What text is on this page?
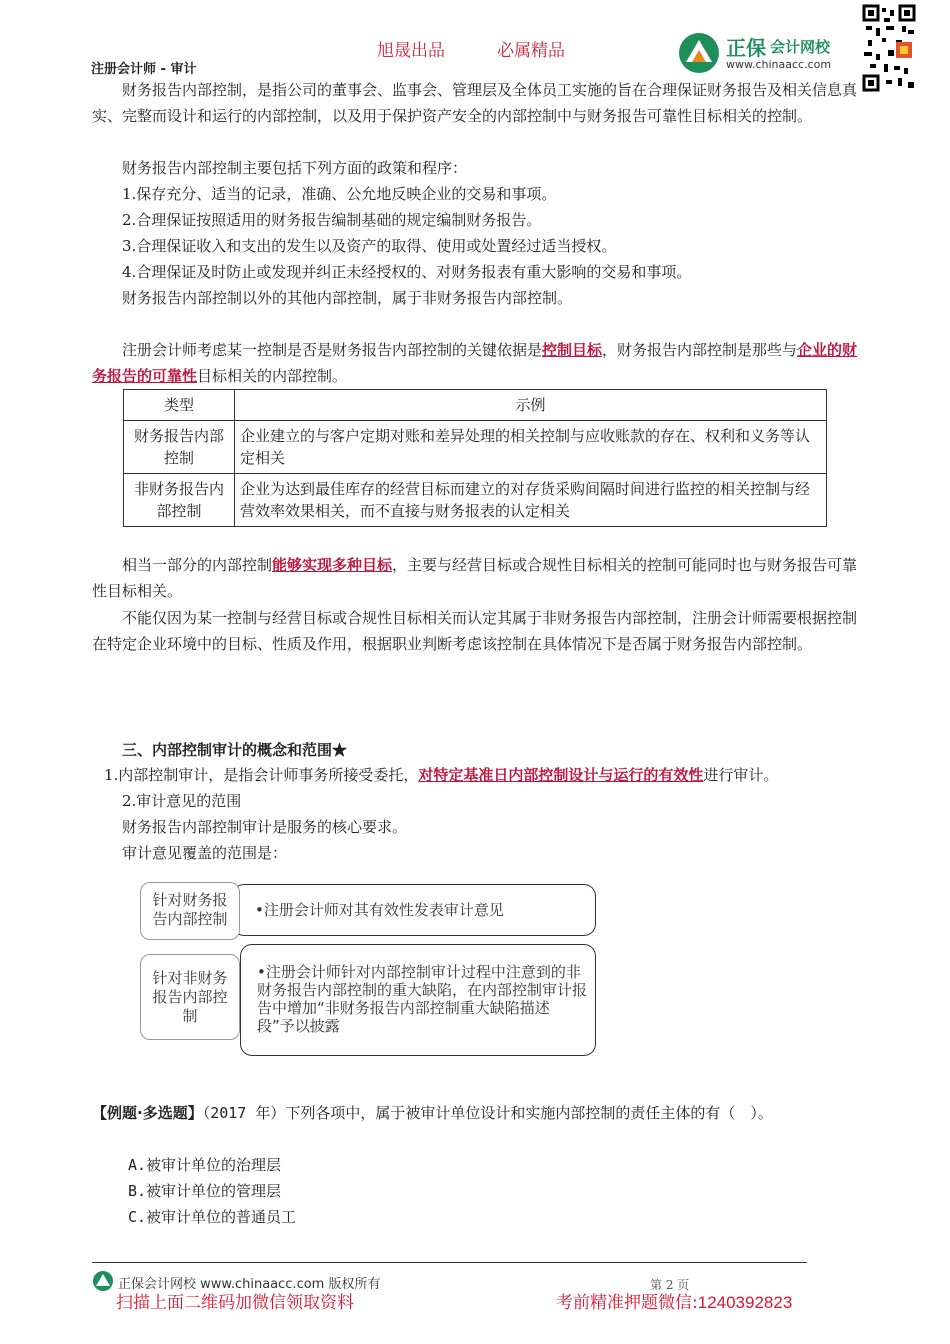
旭晟出品	必属精品
注册会计师 - 审计
正保 会计网校
www.chinaacc.com
财务报告内部控制，是指公司的董事会、监事会、管理层及全体员工实施的旨在合理保证财务报告及相关信息真实、完整而设计和运行的内部控制，以及用于保护资产安全的内部控制中与财务报告可靠性目标相关的控制。
财务报告内部控制主要包括下列方面的政策和程序：
1.保存充分、适当的记录，准确、公允地反映企业的交易和事项。
2.合理保证按照适用的财务报告编制基础的规定编制财务报告。
3.合理保证收入和支出的发生以及资产的取得、使用或处置经过适当授权。
4.合理保证及时防止或发现并纠正未经授权的、对财务报表有重大影响的交易和事项。
财务报告内部控制以外的其他内部控制，属于非财务报告内部控制。
注册会计师考虑某一控制是否是财务报告内部控制的关键依据是控制目标，财务报告内部控制是那些与企业的财务报告的可靠性目标相关的内部控制。
类型	示例
财务报告内部控制	企业建立的与客户定期对账和差异处理的相关控制与应收账款的存在、权利和义务等认定相关
非财务报告内部控制	企业为达到最佳库存的经营目标而建立的对存货采购间隔时间进行监控的相关控制与经营效率效果相关，而不直接与财务报表的认定相关
相当一部分的内部控制能够实现多种目标，主要与经营目标或合规性目标相关的控制可能同时也与财务报告可靠性目标相关。
不能仅因为某一控制与经营目标或合规性目标相关而认定其属于非财务报告内部控制，注册会计师需要根据控制在特定企业环境中的目标、性质及作用，根据职业判断考虑该控制在具体情况下是否属于财务报告内部控制。
三、内部控制审计的概念和范围★
1.内部控制审计，是指会计师事务所接受委托，对特定基准日内部控制设计与运行的有效性进行审计。
2.审计意见的范围
财务报告内部控制审计是服务的核心要求。
审计意见覆盖的范围是：
•注册会计师对其有效性发表审计意见
针对财务报告内部控制
•注册会计师针对内部控制审计过程中注意到的非财务报告内部控制的重大缺陷，在内部控制审计报告中增加“非财务报告内部控制重大缺陷描述段”予以披露
针对非财务报告内部控制
【例题·多选题】（2017 年）下列各项中，属于被审计单位设计和实施内部控制的责任主体的有（　）。
A.被审计单位的治理层
B.被审计单位的管理层
C.被审计单位的普通员工
正保会计网校 www.chinaacc.com 版权所有	第 2 页
扫描上面二维码加微信领取资料	考前精准押题微信:1240392823
